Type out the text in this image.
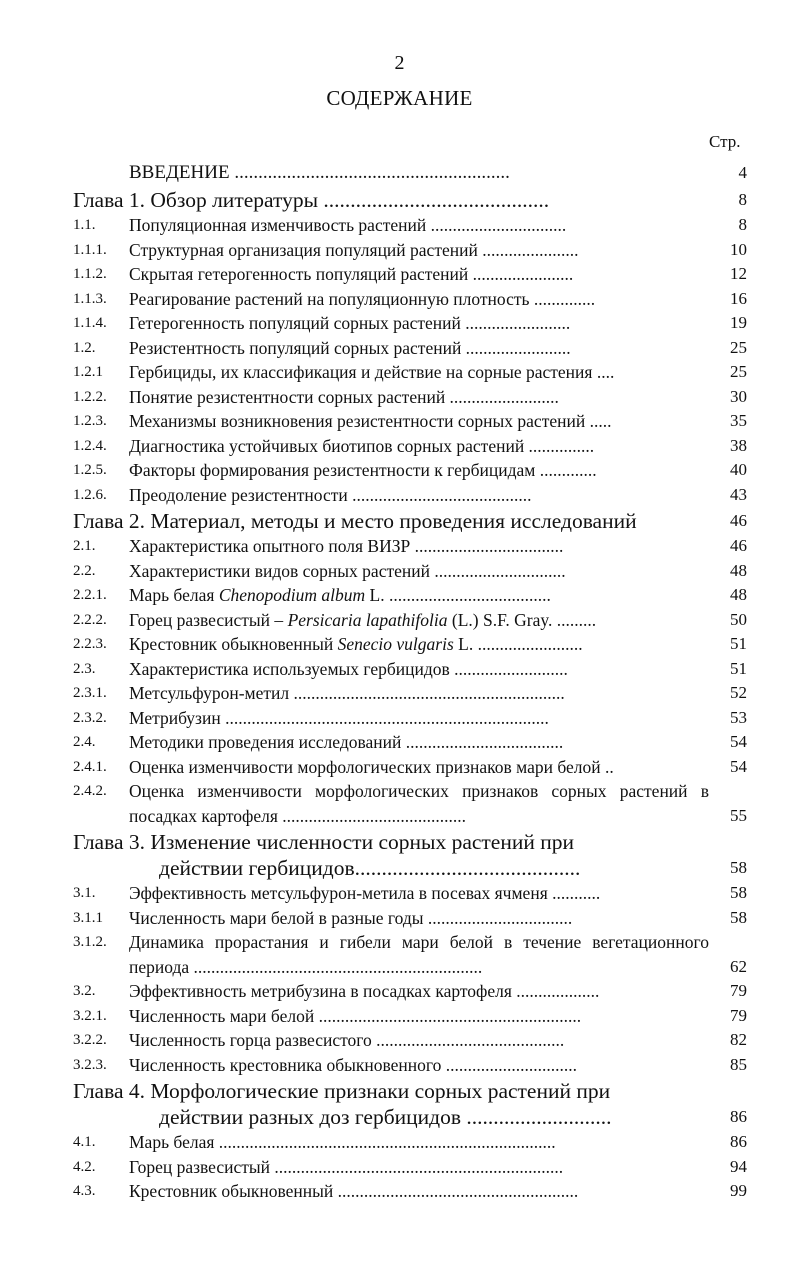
2
СОДЕРЖАНИЕ
Стр.
ВВЕДЕНИЕ ..........................................................	4
Глава 1. Обзор литературы ..........................................	8
1.1. Популяционная изменчивость растений ...............................	8
1.1.1. Структурная организация популяций растений ......................	10
1.1.2. Скрытая гетерогенность популяций растений .......................	12
1.1.3. Реагирование растений на популяционную плотность ..............	16
1.1.4. Гетерогенность популяций сорных растений ........................	19
1.2. Резистентность популяций сорных растений ........................	25
1.2.1 Гербициды, их классификация и действие на сорные растения ....	25
1.2.2. Понятие резистентности сорных растений .........................	30
1.2.3. Механизмы возникновения резистентности сорных растений .....	35
1.2.4. Диагностика устойчивых биотипов сорных растений ...............	38
1.2.5. Факторы формирования резистентности к гербицидам .............	40
1.2.6. Преодоление резистентности .........................................	43
Глава 2. Материал, методы и место проведения исследований	46
2.1. Характеристика опытного поля ВИЗР ..................................	46
2.2. Характеристики видов сорных растений ..............................	48
2.2.1. Марь белая Chenopodium album L. .....................................	48
2.2.2. Горец развесистый – Persicaria lapathifolia (L.) S.F. Gray. .........	50
2.2.3. Крестовник обыкновенный Senecio vulgaris L. ........................	51
2.3. Характеристика используемых гербицидов ..........................	51
2.3.1. Метсульфурон-метил ..............................................................	52
2.3.2. Метрибузин ..........................................................................	53
2.4. Методики проведения исследований ....................................	54
2.4.1. Оценка изменчивости морфологических признаков мари белой ..	54
2.4.2. Оценка изменчивости морфологических признаков сорных растений в посадках картофеля ..........................................	55
Глава 3. Изменение численности сорных растений при
действии гербицидов..........................................	58
3.1. Эффективность метсульфурон-метила в посевах ячменя ...........	58
3.1.1 Численность мари белой в разные годы .................................	58
3.1.2. Динамика прорастания и гибели мари белой в течение вегетационного периода ..................................................................	62
3.2. Эффективность метрибузина в посадках картофеля ...................	79
3.2.1. Численность мари белой ............................................................	79
3.2.2. Численность горца развесистого ...........................................	82
3.2.3. Численность крестовника обыкновенного ..............................	85
Глава 4. Морфологические признаки сорных растений при
действии разных доз гербицидов ...........................	86
4.1. Марь белая .............................................................................	86
4.2. Горец развесистый ..................................................................	94
4.3. Крестовник обыкновенный .......................................................	99
